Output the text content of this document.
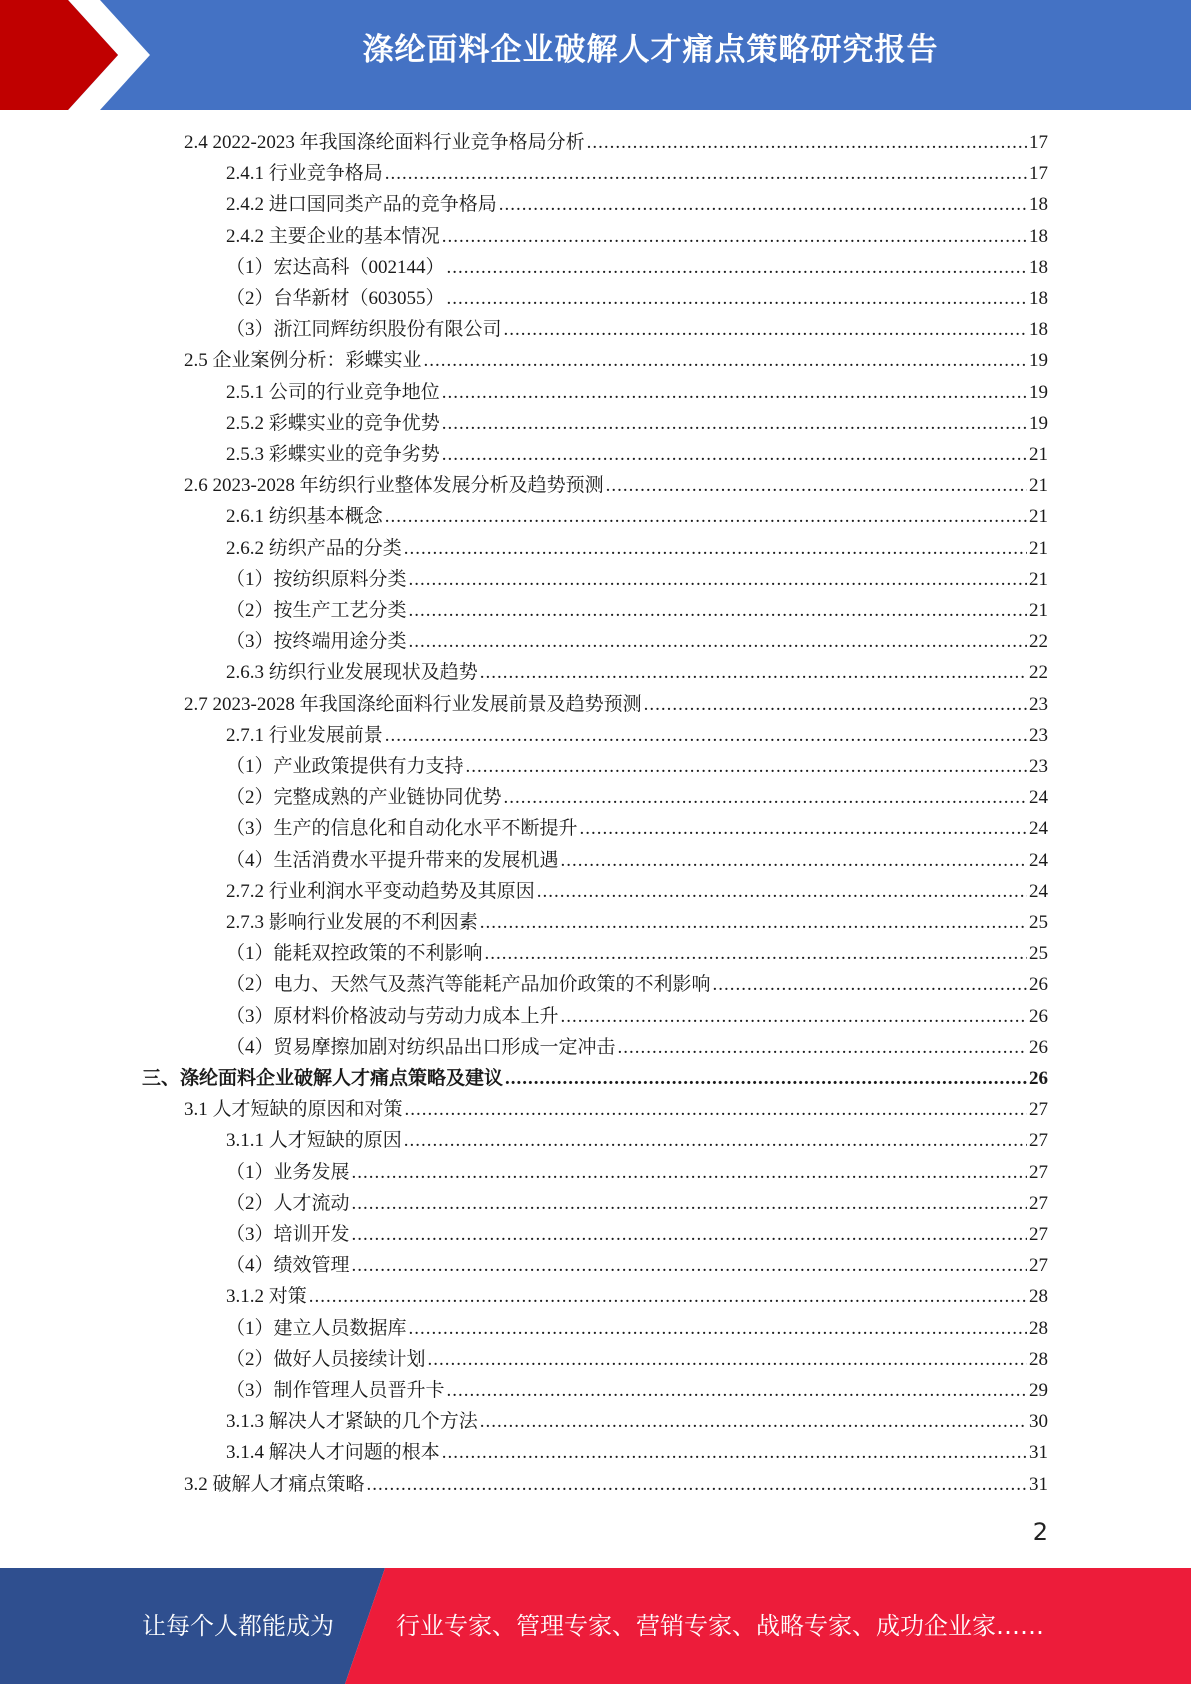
涤纶面料企业破解人才痛点策略研究报告
2.4 2022-2023 年我国涤纶面料行业竞争格局分析 .....	17
2.4.1 行业竞争格局 .....	17
2.4.2 进口国同类产品的竞争格局 .....	18
2.4.2 主要企业的基本情况 .....	18
（1）宏达高科（002144） .....	18
（2）台华新材（603055） .....	18
（3）浙江同辉纺织股份有限公司 .....	18
2.5 企业案例分析：彩蝶实业 .....	19
2.5.1 公司的行业竞争地位 .....	19
2.5.2 彩蝶实业的竞争优势 .....	19
2.5.3 彩蝶实业的竞争劣势 .....	21
2.6 2023-2028 年纺织行业整体发展分析及趋势预测 .....	21
2.6.1 纺织基本概念 .....	21
2.6.2 纺织产品的分类 .....	21
（1）按纺织原料分类 .....	21
（2）按生产工艺分类 .....	21
（3）按终端用途分类 .....	22
2.6.3 纺织行业发展现状及趋势 .....	22
2.7 2023-2028 年我国涤纶面料行业发展前景及趋势预测 .....	23
2.7.1 行业发展前景 .....	23
（1）产业政策提供有力支持 .....	23
（2）完整成熟的产业链协同优势 .....	24
（3）生产的信息化和自动化水平不断提升 .....	24
（4）生活消费水平提升带来的发展机遇 .....	24
2.7.2 行业利润水平变动趋势及其原因 .....	24
2.7.3 影响行业发展的不利因素 .....	25
（1）能耗双控政策的不利影响 .....	25
（2）电力、天然气及蒸汽等能耗产品加价政策的不利影响 .....	26
（3）原材料价格波动与劳动力成本上升 .....	26
（4）贸易摩擦加剧对纺织品出口形成一定冲击 .....	26
三、涤纶面料企业破解人才痛点策略及建议 .....	26
3.1 人才短缺的原因和对策 .....	27
3.1.1 人才短缺的原因 .....	27
（1）业务发展 .....	27
（2）人才流动 .....	27
（3）培训开发 .....	27
（4）绩效管理 .....	27
3.1.2 对策 .....	28
（1）建立人员数据库 .....	28
（2）做好人员接续计划 .....	28
（3）制作管理人员晋升卡 .....	29
3.1.3 解决人才紧缺的几个方法 .....	30
3.1.4 解决人才问题的根本 .....	31
3.2 破解人才痛点策略 .....	31
2
让每个人都能成为	行业专家、管理专家、营销专家、战略专家、成功企业家……
